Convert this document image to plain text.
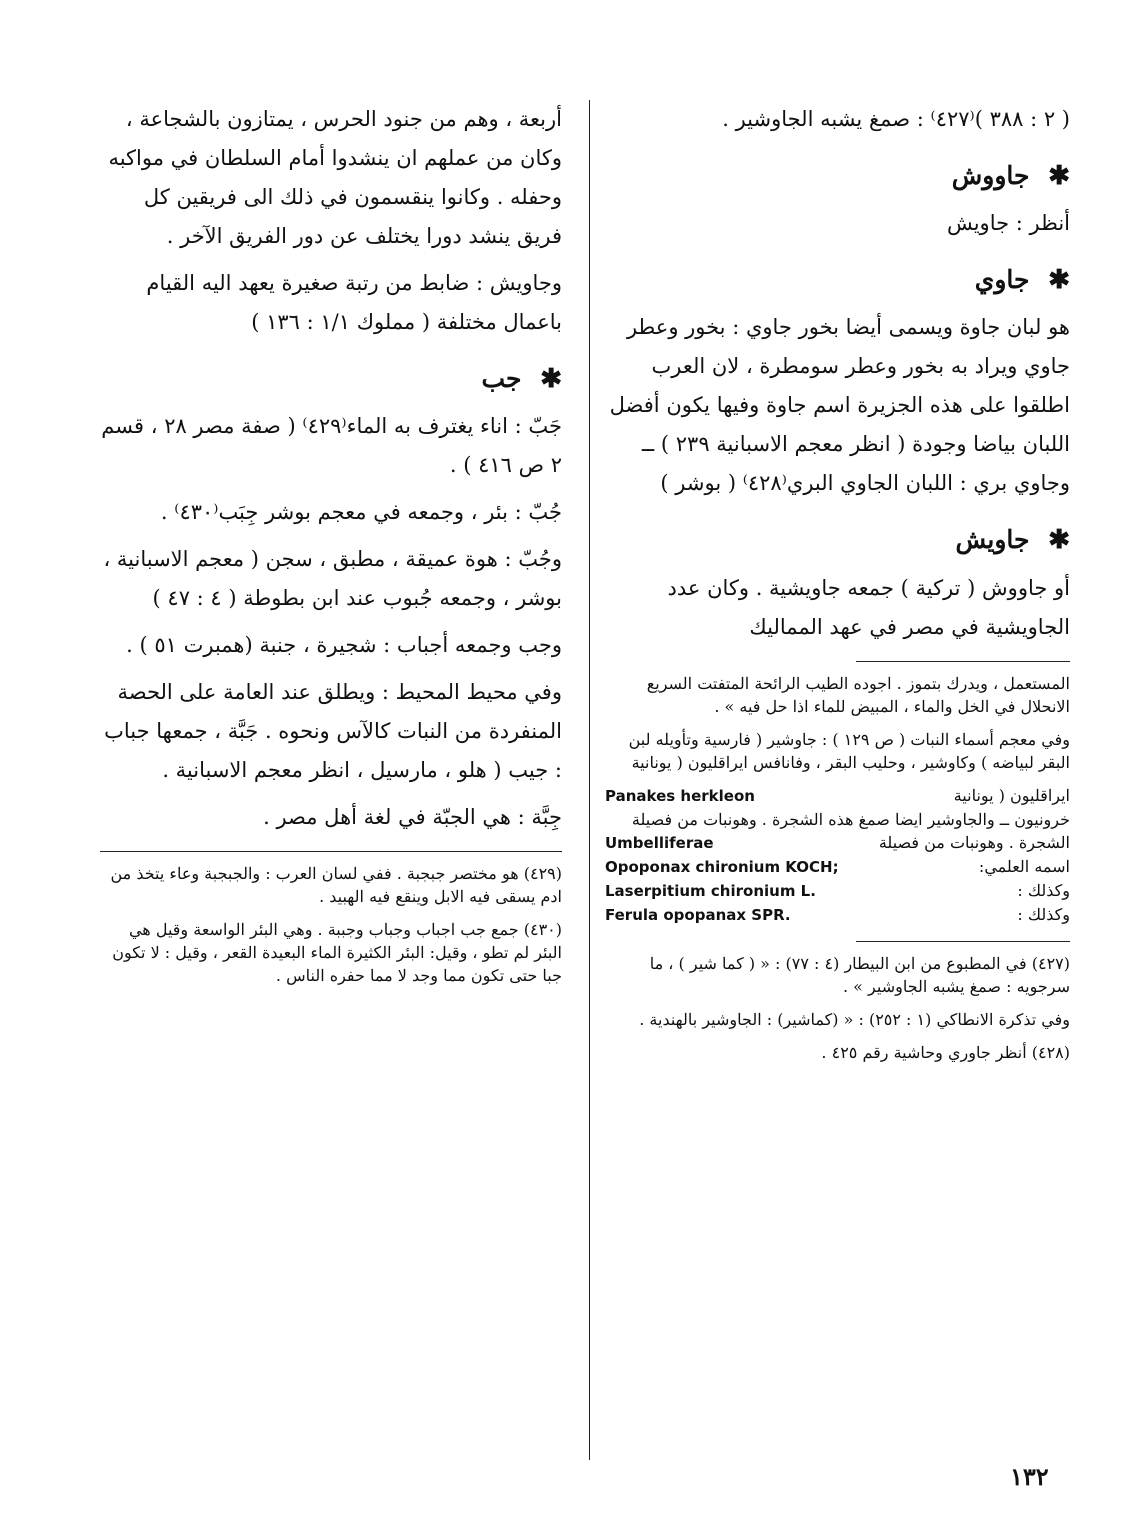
( ٢ : ٣٨٨ )⁽٤٢٧⁾ : صمغ يشبه الجاوشير .

✱ جاووش

أنظر : جاويش

✱ جاوي

هو لبان جاوة ويسمى أيضا بخور جاوي : بخور وعطر جاوي ويراد به بخور وعطر سومطرة ، لان العرب اطلقوا على هذه الجزيرة اسم جاوة وفيها يكون أفضل اللبان بياضا وجودة ( انظر معجم الاسبانية ٢٣٩ ) ــ وجاوي بري : اللبان الجاوي البري⁽٤٢٨⁾ ( بوشر )

✱ جاويش

أو جاووش ( تركية ) جمعه جاويشية . وكان عدد الجاويشية في مصر في عهد المماليك

المستعمل ، ويدرك بتموز . اجوده الطيب الرائحة المتفتت السريع الانحلال في الخل والماء ، المبيض للماء اذا حل فيه » .

وفي معجم أسماء النبات ( ص ١٢٩ ) : جاوشير ( فارسية وتأويله لبن البقر لبياضه ) وكاوشير ، وحليب البقر ، وفانافس ايراقليون ( يونانية

ايراقليون ( يونانية
Panakes herkleon

خرونيون ــ والجاوشير ايضا صمغ هذه الشجرة . وهونبات من فصيلة

الشجرة . وهونبات من فصيلة
Umbelliferae
اسمه العلمي:
Opoponax chironium KOCH;
وكذلك :
Laserpitium chironium L.
وكذلك :
Ferula opopanax SPR.

(٤٢٧) في المطبوع من ابن البيطار (٤ : ٧٧) : « ( كما شير ) ، ما سرجويه : صمغ يشبه الجاوشير » .

وفي تذكرة الانطاكي (١ : ٢٥٢) : « (كماشير) : الجاوشير بالهندية .

(٤٢٨) أنظر جاوري وحاشية رقم ٤٢٥ .

أربعة ، وهم من جنود الحرس ، يمتازون بالشجاعة ، وكان من عملهم ان ينشدوا أمام السلطان في مواكبه وحفله . وكانوا ينقسمون في ذلك الى فريقين كل فريق ينشد دورا يختلف عن دور الفريق الآخر .

وجاويش : ضابط من رتبة صغيرة يعهد اليه القيام باعمال مختلفة ( مملوك ١/١ : ١٣٦ )

✱ جب

جَبّ : اناء يغترف به الماء⁽٤٢٩⁾ ( صفة مصر ٢٨ ، قسم ٢ ص ٤١٦ ) .

جُبّ : بئر ، وجمعه في معجم بوشر جِبَب⁽٤٣٠⁾ .

وجُبّ : هوة عميقة ، مطبق ، سجن ( معجم الاسبانية ، بوشر ، وجمعه جُبوب عند ابن بطوطة ( ٤ : ٤٧ )

وجب وجمعه أجباب : شجيرة ، جنبة (همبرت ٥١ ) .

وفي محيط المحيط : ويطلق عند العامة على الحصة المنفردة من النبات كالآس ونحوه . جَبَّة ، جمعها جباب : جيب ( هلو ، مارسيل ، انظر معجم الاسبانية .

جِبَّة : هي الجبّة في لغة أهل مصر .

(٤٢٩) هو مختصر جبجبة . ففي لسان العرب : والجبجبة وعاء يتخذ من ادم يسقى فيه الابل وينقع فيه الهبيد .

(٤٣٠) جمع جب اجباب وجباب وجببة . وهي البئر الواسعة وقيل هي البئر لم تطو ، وقيل: البئر الكثيرة الماء البعيدة القعر ، وقيل : لا تكون جبا حتى تكون مما وجد لا مما حفره الناس .

١٣٢
